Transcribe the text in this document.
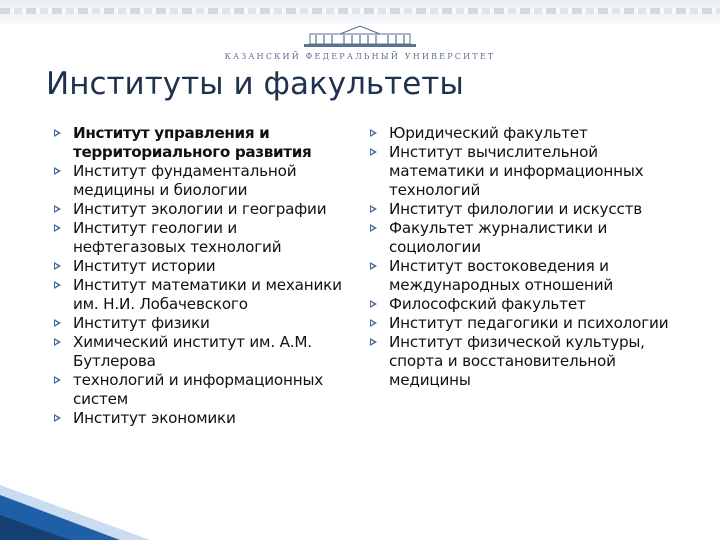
КАЗАНСКИЙ ФЕДЕРАЛЬНЫЙ УНИВЕРСИТЕТ
Институты и факультеты
Институт управления и территориального развития
Институт фундаментальной медицины и биологии
Институт экологии и географии
Институт геологии и нефтегазовых технологий
Институт истории
Институт математики и механики им. Н.И. Лобачевского
Институт физики
Химический институт им. А.М. Бутлерова
технологий и информационных систем
Институт экономики
Юридический факультет
Институт вычислительной математики и информационных технологий
Институт филологии и искусств
Факультет журналистики и социологии
Институт востоковедения и международных отношений
Философский факультет
Институт педагогики и психологии
Институт физической культуры, спорта и восстановительной медицины
